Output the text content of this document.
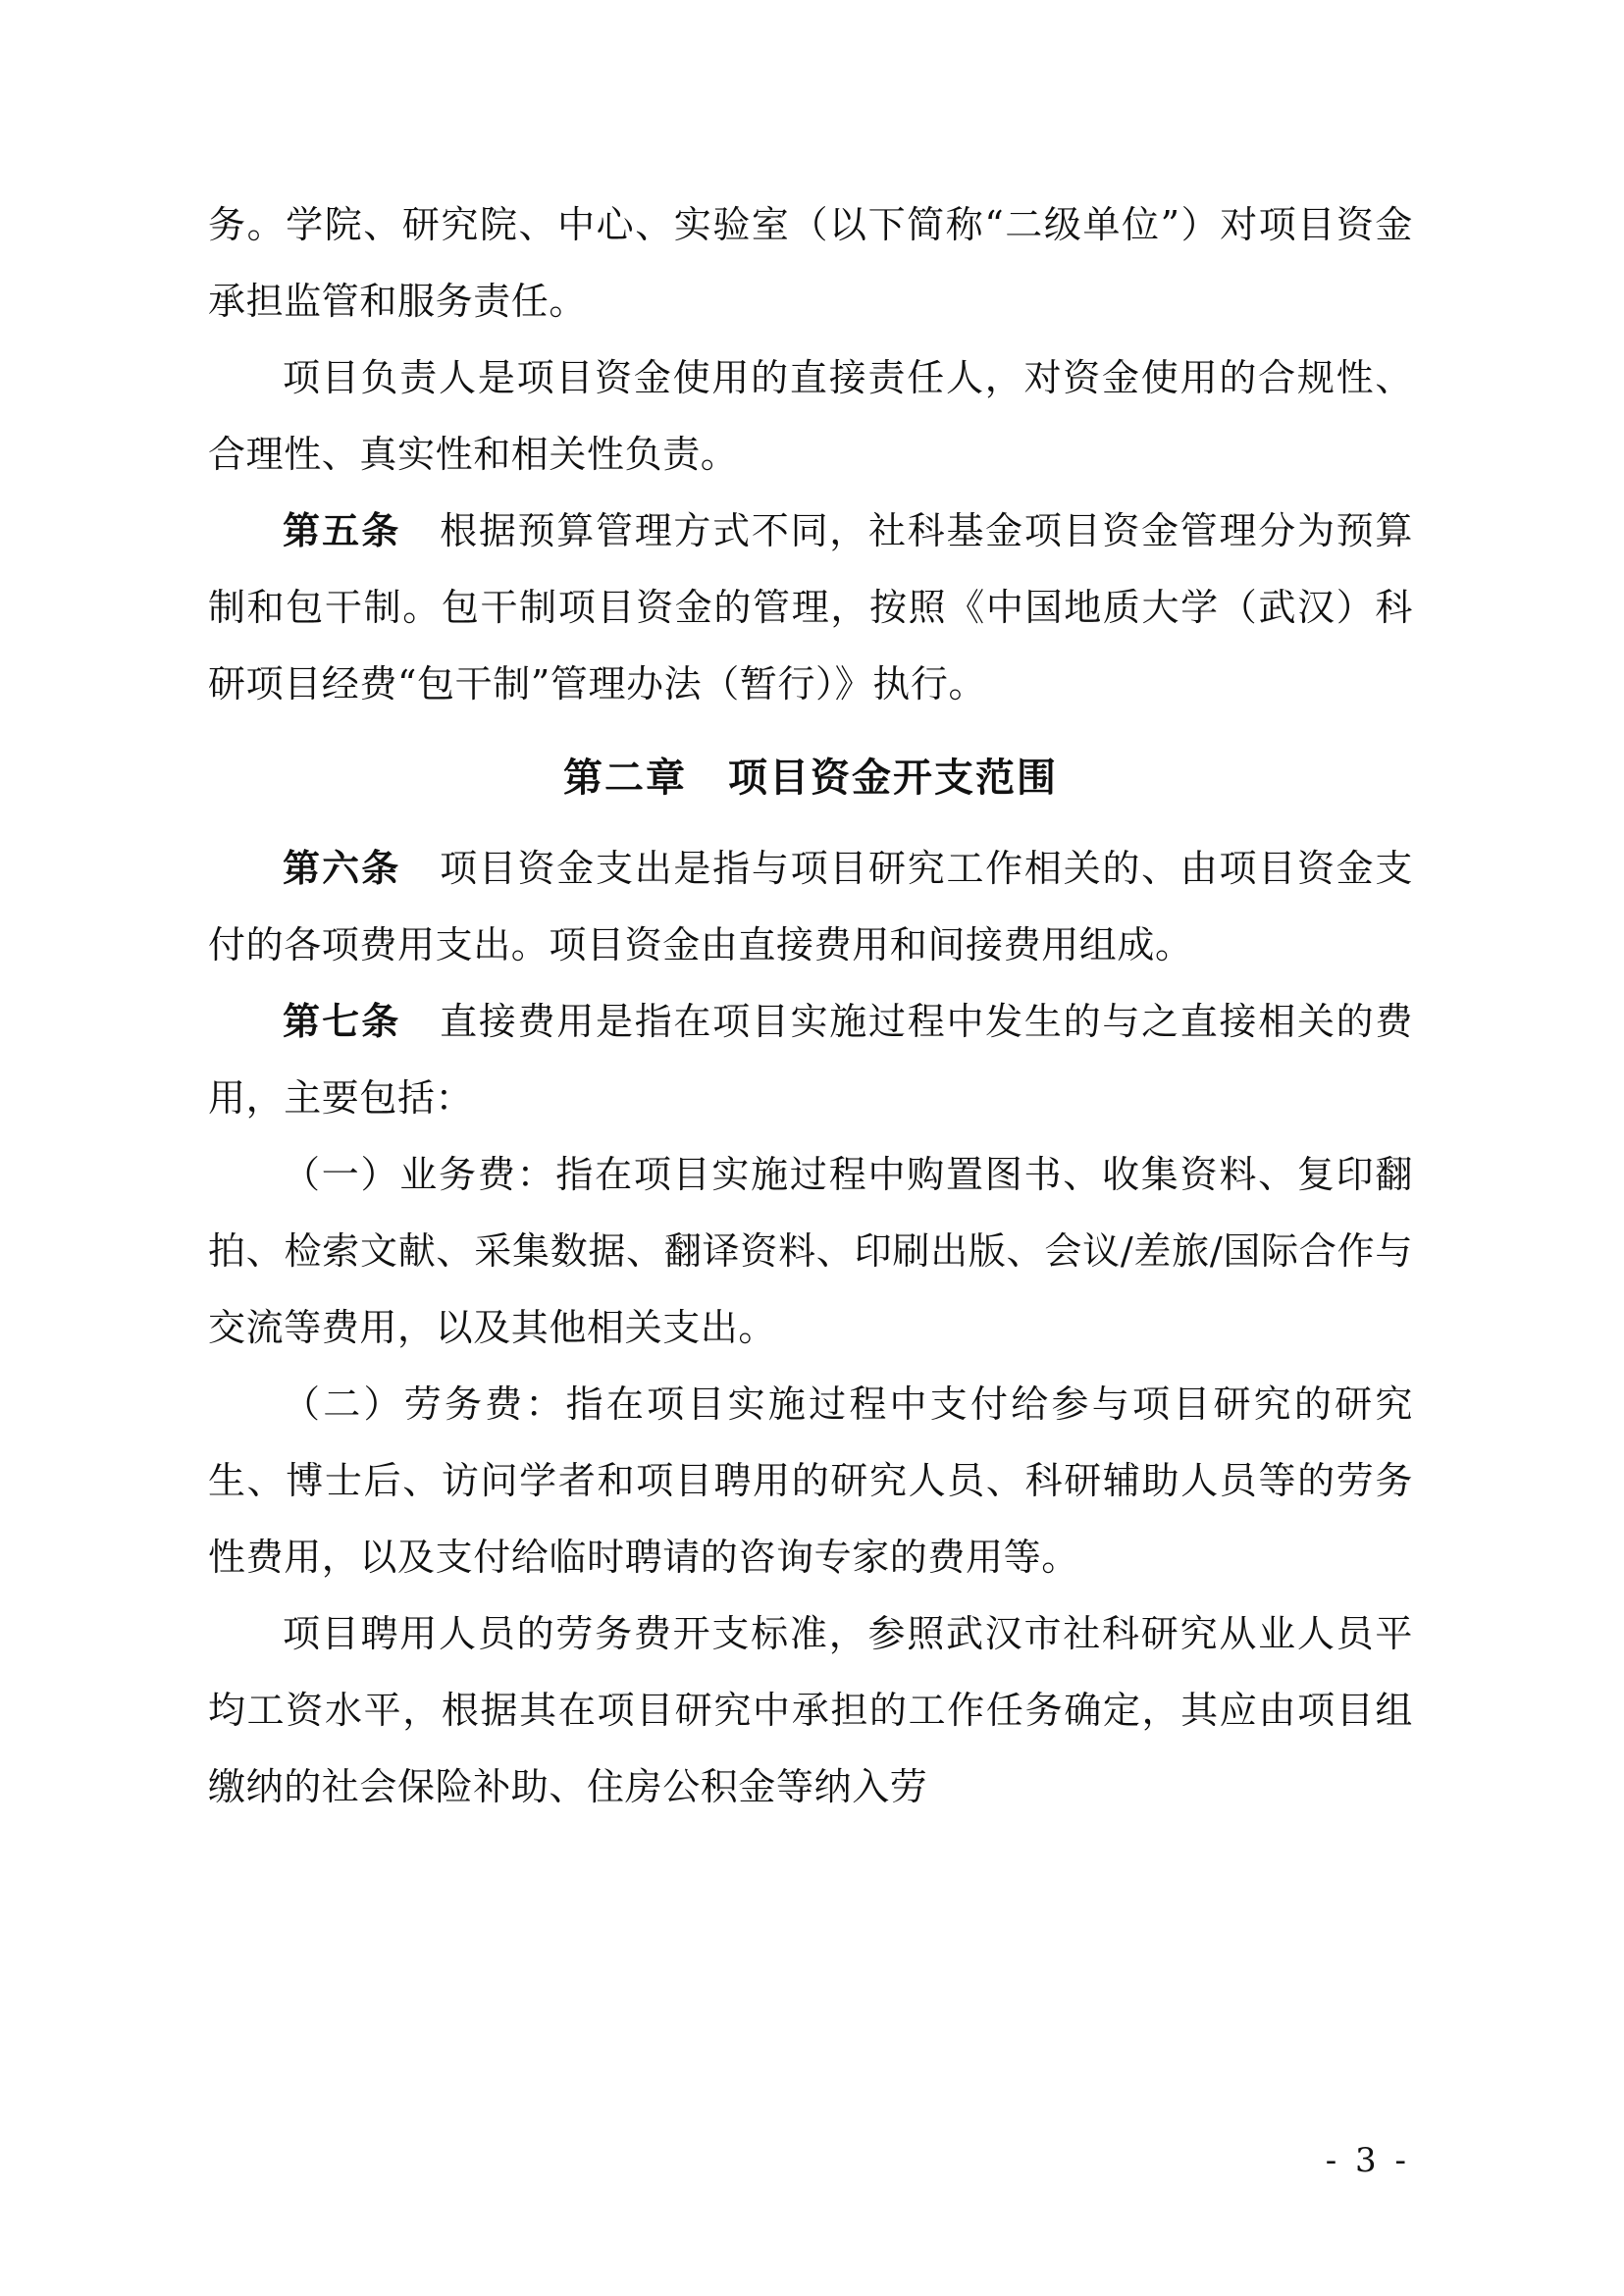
务。学院、研究院、中心、实验室（以下简称“二级单位”）对项目资金承担监管和服务责任。

项目负责人是项目资金使用的直接责任人，对资金使用的合规性、合理性、真实性和相关性负责。

第五条　根据预算管理方式不同，社科基金项目资金管理分为预算制和包干制。包干制项目资金的管理，按照《中国地质大学（武汉）科研项目经费“包干制”管理办法（暂行）》执行。

第二章　项目资金开支范围

第六条　项目资金支出是指与项目研究工作相关的、由项目资金支付的各项费用支出。项目资金由直接费用和间接费用组成。

第七条　直接费用是指在项目实施过程中发生的与之直接相关的费用，主要包括：

（一）业务费：指在项目实施过程中购置图书、收集资料、复印翻拍、检索文献、采集数据、翻译资料、印刷出版、会议/差旅/国际合作与交流等费用，以及其他相关支出。

（二）劳务费：指在项目实施过程中支付给参与项目研究的研究生、博士后、访问学者和项目聘用的研究人员、科研辅助人员等的劳务性费用，以及支付给临时聘请的咨询专家的费用等。

项目聘用人员的劳务费开支标准，参照武汉市社科研究从业人员平均工资水平，根据其在项目研究中承担的工作任务确定，其应由项目组缴纳的社会保险补助、住房公积金等纳入劳

- 3 -
